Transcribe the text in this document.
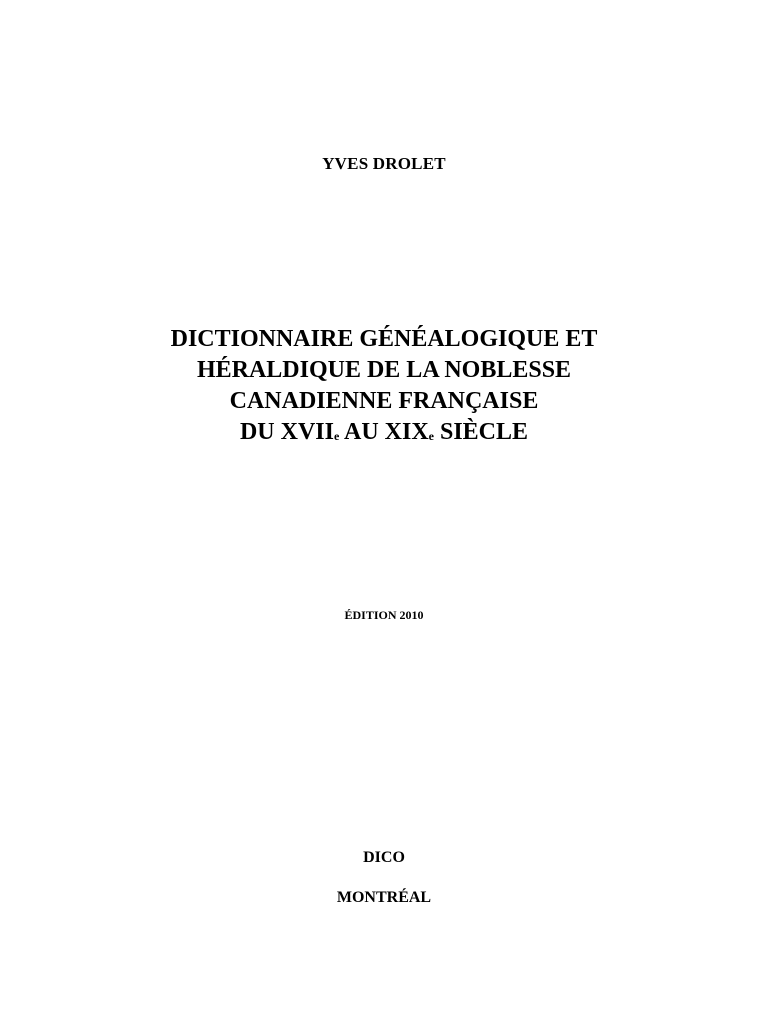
YVES DROLET
DICTIONNAIRE GÉNÉALOGIQUE ET
HÉRALDIQUE DE LA NOBLESSE
CANADIENNE FRANÇAISE
DU XVIIe AU XIXe SIÈCLE
ÉDITION 2010
DICO
MONTRÉAL
